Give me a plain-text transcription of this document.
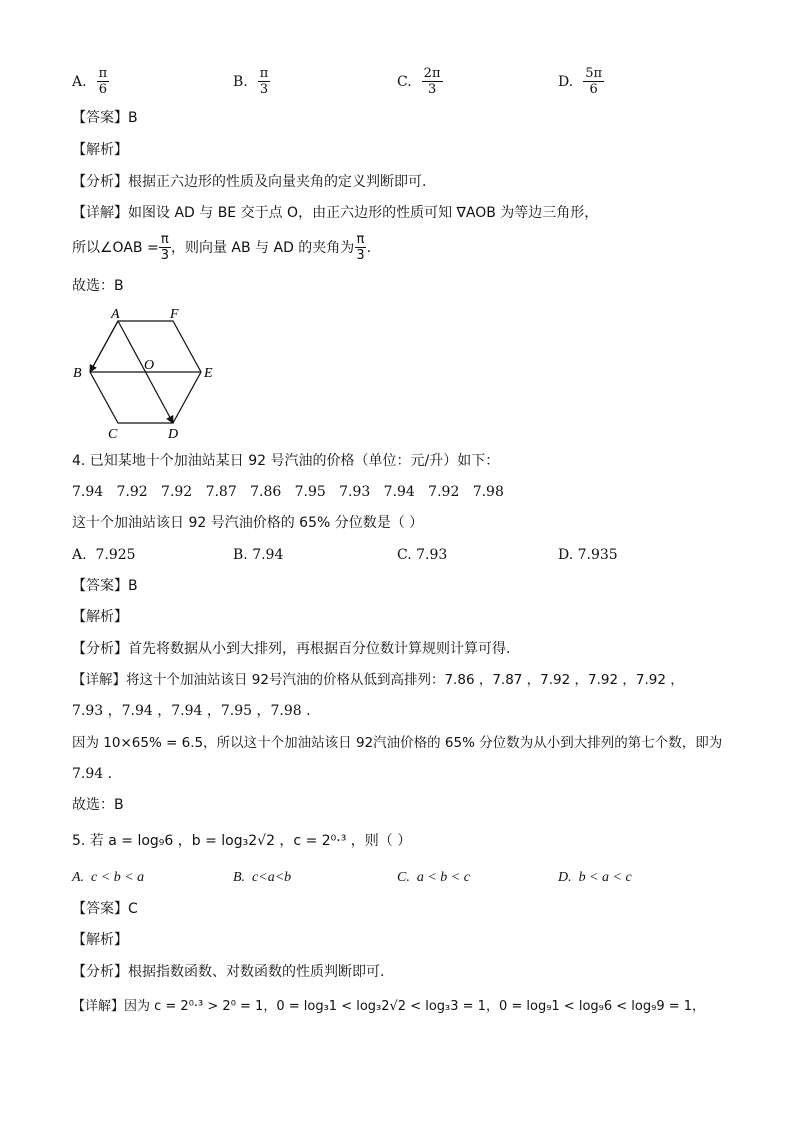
A. $\frac{\pi}{6}$	B. $\frac{\pi}{3}$	C. $\frac{2\pi}{3}$	D. $\frac{5\pi}{6}$
【答案】B
【解析】
【分析】根据正六边形的性质及向量夹角的定义判断即可.
【详解】如图设 AD 与 BE 交于点 O，由正六边形的性质可知 ∇AOB 为等边三角形，
所以∠OAB = $\frac{\pi}{3}$ ，则向量 AB 与 AD 的夹角为 $\frac{\pi}{3}$ .
故选：B
A	F
B
O
E
C	D
4. 已知某地十个加油站某日 92 号汽油的价格（单位：元/升）如下：
7.94   7.92   7.92   7.87   7.86   7.95   7.93   7.94   7.92   7.98
这十个加油站该日 92 号汽油价格的 65% 分位数是（ ）
A.  7.925	B. 7.94	C. 7.93	D. 7.935
【答案】B
【解析】
【分析】首先将数据从小到大排列，再根据百分位数计算规则计算可得.
【详解】将这十个加油站该日 92号汽油的价格从低到高排列：7.86 ，7.87 ，7.92 ，7.92 ，7.92 ，
7.93 ，7.94 ，7.94 ，7.95 ，7.98 .
因为 10×65% = 6.5，所以这十个加油站该日 92汽油价格的 65% 分位数为从小到大排列的第七个数，即为
7.94 .
故选：B
5. 若 a = log₉6 ，b = log₃2√2 ，c = 2⁰·³ ，则（ ）
A.  c < b < a	B.  c<a<b	C.  a < b < c	D.  b < a < c
【答案】C
【解析】
【分析】根据指数函数、对数函数的性质判断即可.
【详解】因为 c = 2⁰·³ > 2⁰ = 1，0 = log₃1 < log₃2√2 < log₃3 = 1，0 = log₉1 < log₉6 < log₉9 = 1，
